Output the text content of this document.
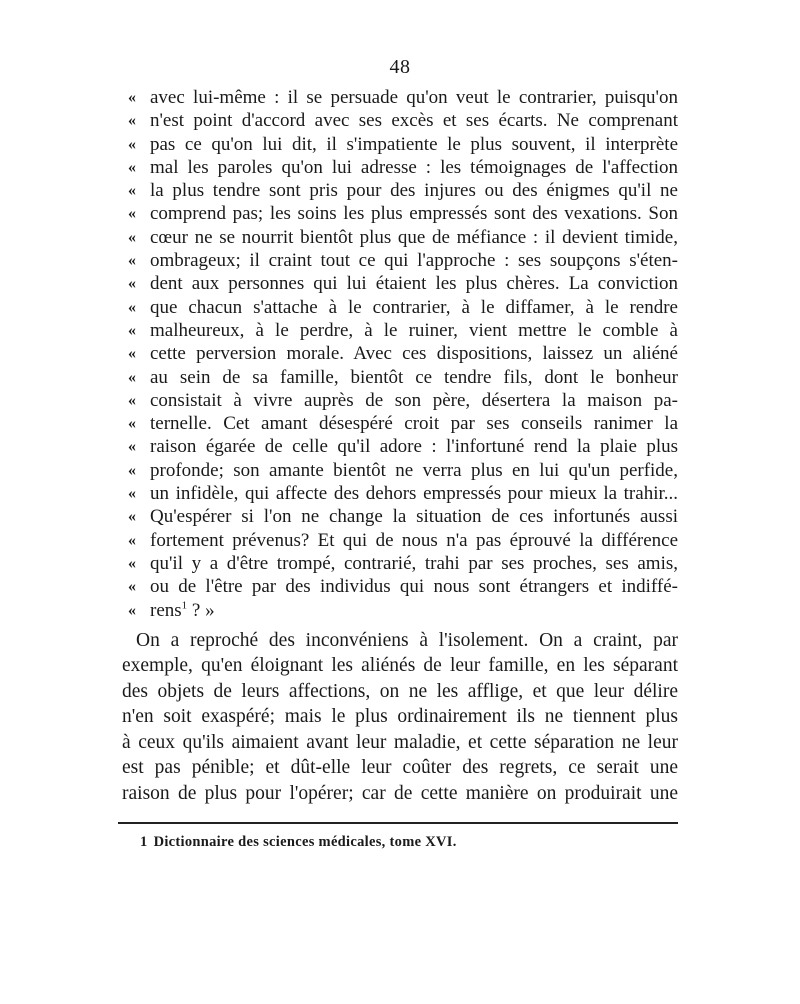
48
« avec lui-même : il se persuade qu'on veut le contrarier, puisqu'on
« n'est point d'accord avec ses excès et ses écarts. Ne comprenant
« pas ce qu'on lui dit, il s'impatiente le plus souvent, il interprète
« mal les paroles qu'on lui adresse : les témoignages de l'affection
« la plus tendre sont pris pour des injures ou des énigmes qu'il ne
« comprend pas; les soins les plus empressés sont des vexations. Son
« cœur ne se nourrit bientôt plus que de méfiance : il devient timide,
« ombrageux; il craint tout ce qui l'approche : ses soupçons s'éten-
« dent aux personnes qui lui étaient les plus chères. La conviction
« que chacun s'attache à le contrarier, à le diffamer, à le rendre
« malheureux, à le perdre, à le ruiner, vient mettre le comble à
« cette perversion morale. Avec ces dispositions, laissez un aliéné
« au sein de sa famille, bientôt ce tendre fils, dont le bonheur
« consistait à vivre auprès de son père, désertera la maison pa-
« ternelle. Cet amant désespéré croit par ses conseils ranimer la
« raison égarée de celle qu'il adore : l'infortuné rend la plaie plus
« profonde; son amante bientôt ne verra plus en lui qu'un perfide,
« un infidèle, qui affecte des dehors empressés pour mieux la trahir...
« Qu'espérer si l'on ne change la situation de ces infortunés aussi
« fortement prévenus? Et qui de nous n'a pas éprouvé la différence
« qu'il y a d'être trompé, contrarié, trahi par ses proches, ses amis,
« ou de l'être par des individus qui nous sont étrangers et indiffé-
« rens$^1$ ? »
On a reproché des inconvéniens à l'isolement. On a craint, par
exemple, qu'en éloignant les aliénés de leur famille, en les séparant
des objets de leurs affections, on ne les afflige, et que leur délire
n'en soit exaspéré; mais le plus ordinairement ils ne tiennent plus
à ceux qu'ils aimaient avant leur maladie, et cette séparation ne leur
est pas pénible; et dût-elle leur coûter des regrets, ce serait une
raison de plus pour l'opérer; car de cette manière on produirait une
1 Dictionnaire des sciences médicales, tome XVI.
